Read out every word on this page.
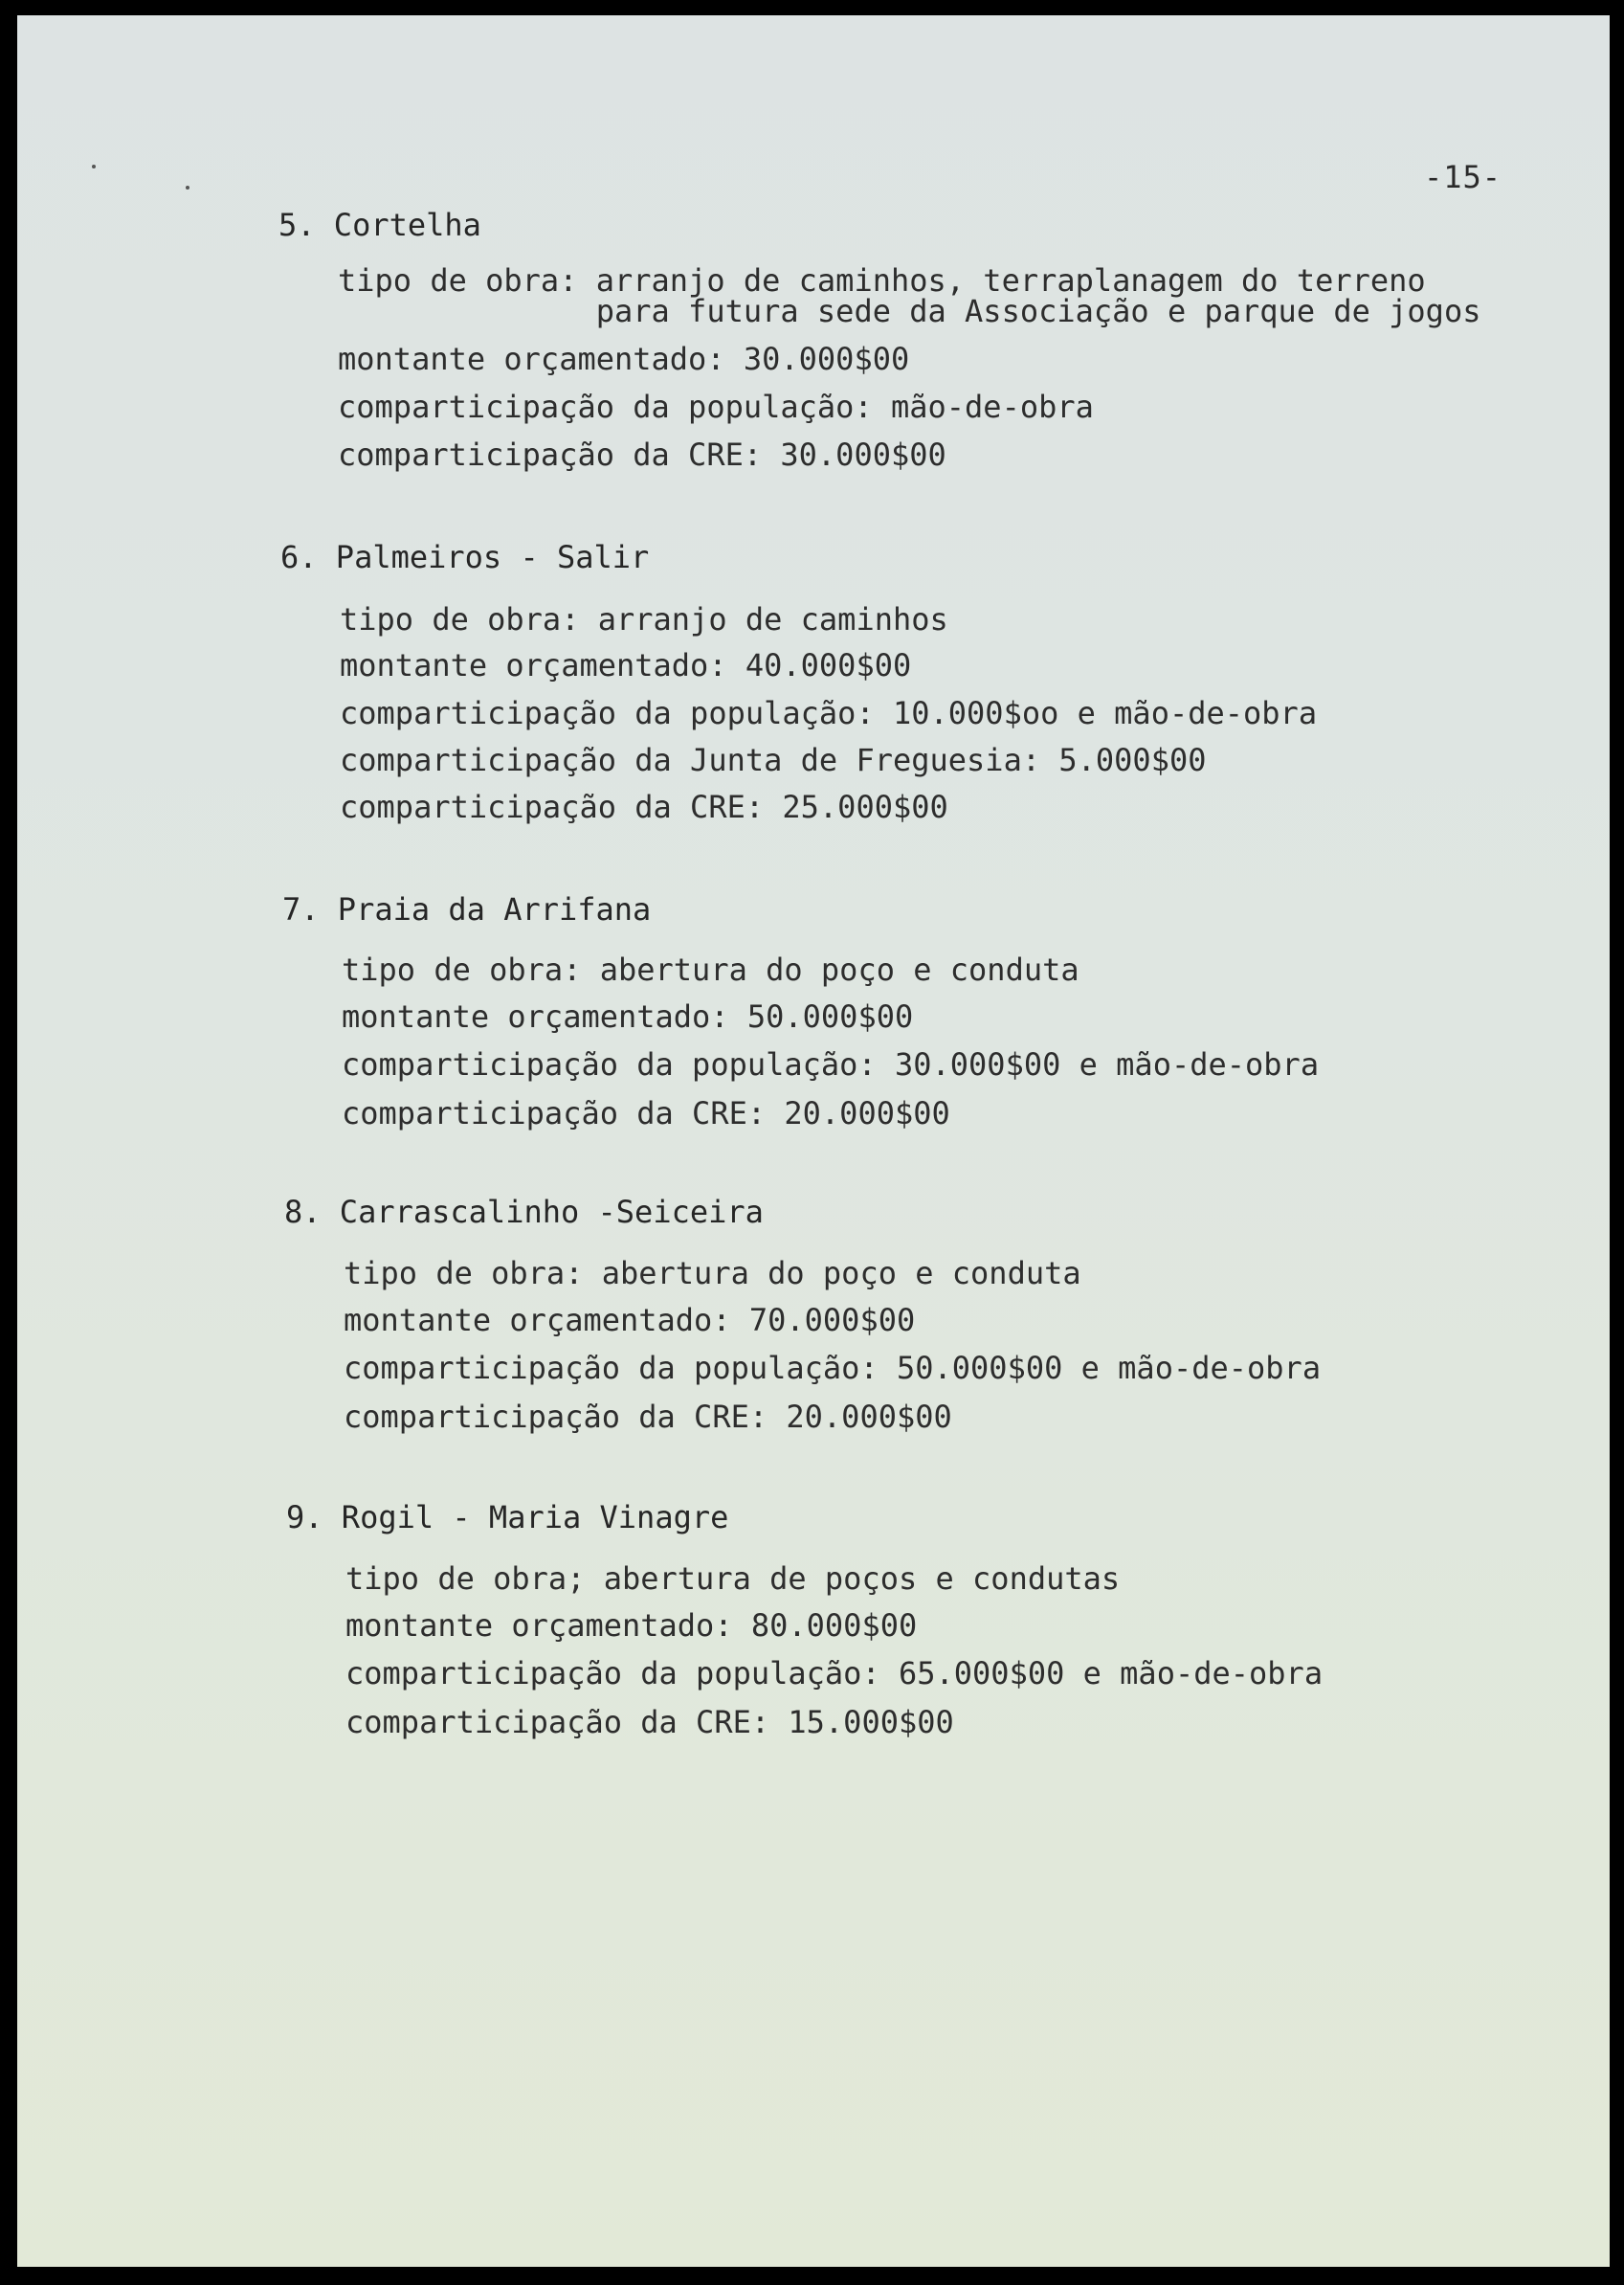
-15-
5. Cortelha
tipo de obra: arranjo de caminhos, terraplanagem do terreno
para futura sede da Associação e parque de jogos
montante orçamentado: 30.000$00
comparticipação da população: mão-de-obra
comparticipação da CRE: 30.000$00
6. Palmeiros - Salir
tipo de obra: arranjo de caminhos
montante orçamentado: 40.000$00
comparticipação da população: 10.000$oo e mão-de-obra
comparticipação da Junta de Freguesia: 5.000$00
comparticipação da CRE: 25.000$00
7. Praia da Arrifana
tipo de obra: abertura do poço e conduta
montante orçamentado: 50.000$00
comparticipação da população: 30.000$00 e mão-de-obra
comparticipação da CRE: 20.000$00
8. Carrascalinho -Seiceira
tipo de obra: abertura do poço e conduta
montante orçamentado: 70.000$00
comparticipação da população: 50.000$00 e mão-de-obra
comparticipação da CRE: 20.000$00
9. Rogil - Maria Vinagre
tipo de obra; abertura de poços e condutas
montante orçamentado: 80.000$00
comparticipação da população: 65.000$00 e mão-de-obra
comparticipação da CRE: 15.000$00
